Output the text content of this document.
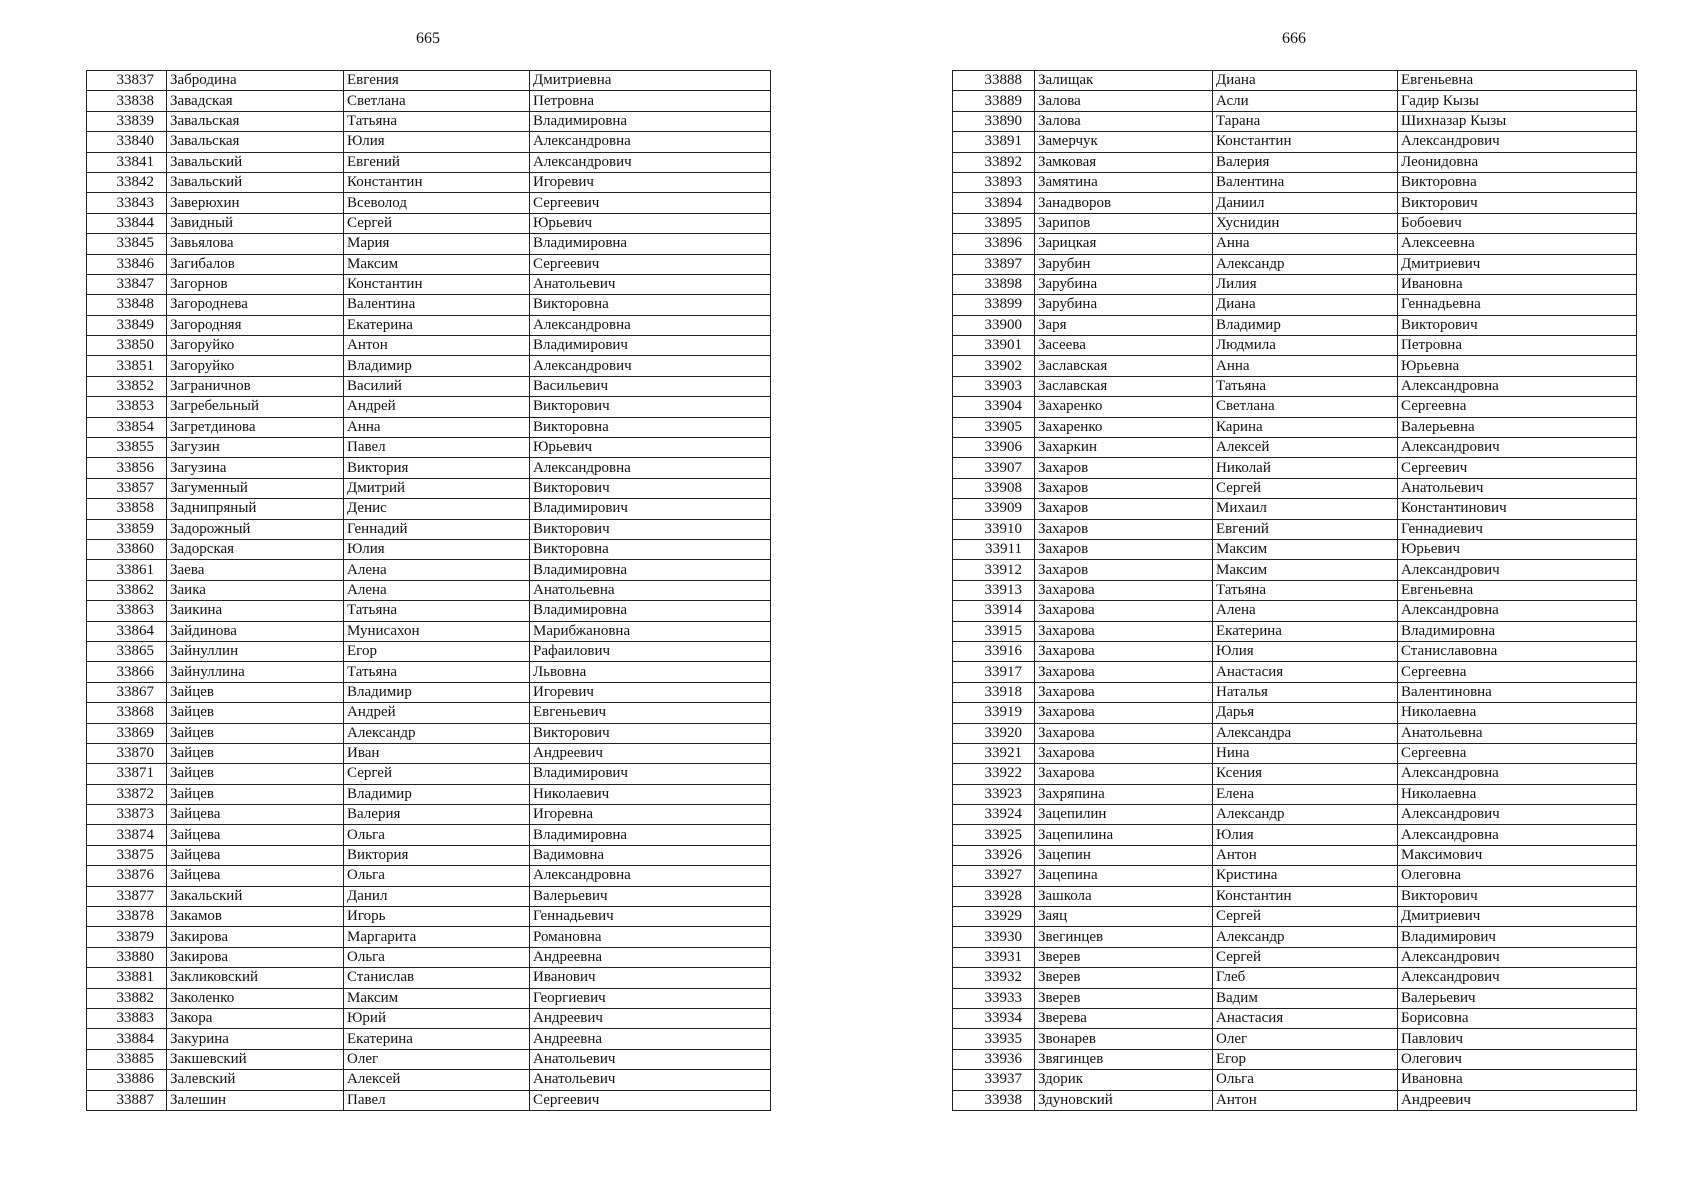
665
33837	Забродина	Евгения	Дмитриевна
33838	Завадская	Светлана	Петровна
33839	Завальская	Татьяна	Владимировна
33840	Завальская	Юлия	Александровна
33841	Завальский	Евгений	Александрович
33842	Завальский	Константин	Игоревич
33843	Заверюхин	Всеволод	Сергеевич
33844	Завидный	Сергей	Юрьевич
33845	Завьялова	Мария	Владимировна
33846	Загибалов	Максим	Сергеевич
33847	Загорнов	Константин	Анатольевич
33848	Загороднева	Валентина	Викторовна
33849	Загородняя	Екатерина	Александровна
33850	Загоруйко	Антон	Владимирович
33851	Загоруйко	Владимир	Александрович
33852	Заграничнов	Василий	Васильевич
33853	Загребельный	Андрей	Викторович
33854	Загретдинова	Анна	Викторовна
33855	Загузин	Павел	Юрьевич
33856	Загузина	Виктория	Александровна
33857	Загуменный	Дмитрий	Викторович
33858	Заднипряный	Денис	Владимирович
33859	Задорожный	Геннадий	Викторович
33860	Задорская	Юлия	Викторовна
33861	Заева	Алена	Владимировна
33862	Заика	Алена	Анатольевна
33863	Заикина	Татьяна	Владимировна
33864	Зайдинова	Мунисахон	Марибжановна
33865	Зайнуллин	Егор	Рафаилович
33866	Зайнуллина	Татьяна	Львовна
33867	Зайцев	Владимир	Игоревич
33868	Зайцев	Андрей	Евгеньевич
33869	Зайцев	Александр	Викторович
33870	Зайцев	Иван	Андреевич
33871	Зайцев	Сергей	Владимирович
33872	Зайцев	Владимир	Николаевич
33873	Зайцева	Валерия	Игоревна
33874	Зайцева	Ольга	Владимировна
33875	Зайцева	Виктория	Вадимовна
33876	Зайцева	Ольга	Александровна
33877	Закальский	Данил	Валерьевич
33878	Закамов	Игорь	Геннадьевич
33879	Закирова	Маргарита	Романовна
33880	Закирова	Ольга	Андреевна
33881	Закликовский	Станислав	Иванович
33882	Заколенко	Максим	Георгиевич
33883	Закора	Юрий	Андреевич
33884	Закурина	Екатерина	Андреевна
33885	Закшевский	Олег	Анатольевич
33886	Залевский	Алексей	Анатольевич
33887	Залешин	Павел	Сергеевич
666
33888	Залищак	Диана	Евгеньевна
33889	Залова	Асли	Гадир Кызы
33890	Залова	Тарана	Шихназар Кызы
33891	Замерчук	Константин	Александрович
33892	Замковая	Валерия	Леонидовна
33893	Замятина	Валентина	Викторовна
33894	Занадворов	Даниил	Викторович
33895	Зарипов	Хуснидин	Бобоевич
33896	Зарицкая	Анна	Алексеевна
33897	Зарубин	Александр	Дмитриевич
33898	Зарубина	Лилия	Ивановна
33899	Зарубина	Диана	Геннадьевна
33900	Заря	Владимир	Викторович
33901	Засеева	Людмила	Петровна
33902	Заславская	Анна	Юрьевна
33903	Заславская	Татьяна	Александровна
33904	Захаренко	Светлана	Сергеевна
33905	Захаренко	Карина	Валерьевна
33906	Захаркин	Алексей	Александрович
33907	Захаров	Николай	Сергеевич
33908	Захаров	Сергей	Анатольевич
33909	Захаров	Михаил	Константинович
33910	Захаров	Евгений	Геннадиевич
33911	Захаров	Максим	Юрьевич
33912	Захаров	Максим	Александрович
33913	Захарова	Татьяна	Евгеньевна
33914	Захарова	Алена	Александровна
33915	Захарова	Екатерина	Владимировна
33916	Захарова	Юлия	Станиславовна
33917	Захарова	Анастасия	Сергеевна
33918	Захарова	Наталья	Валентиновна
33919	Захарова	Дарья	Николаевна
33920	Захарова	Александра	Анатольевна
33921	Захарова	Нина	Сергеевна
33922	Захарова	Ксения	Александровна
33923	Захряпина	Елена	Николаевна
33924	Зацепилин	Александр	Александрович
33925	Зацепилина	Юлия	Александровна
33926	Зацепин	Антон	Максимович
33927	Зацепина	Кристина	Олеговна
33928	Зашкола	Константин	Викторович
33929	Заяц	Сергей	Дмитриевич
33930	Звегинцев	Александр	Владимирович
33931	Зверев	Сергей	Александрович
33932	Зверев	Глеб	Александрович
33933	Зверев	Вадим	Валерьевич
33934	Зверева	Анастасия	Борисовна
33935	Звонарев	Олег	Павлович
33936	Звягинцев	Егор	Олегович
33937	Здорик	Ольга	Ивановна
33938	Здуновский	Антон	Андреевич
